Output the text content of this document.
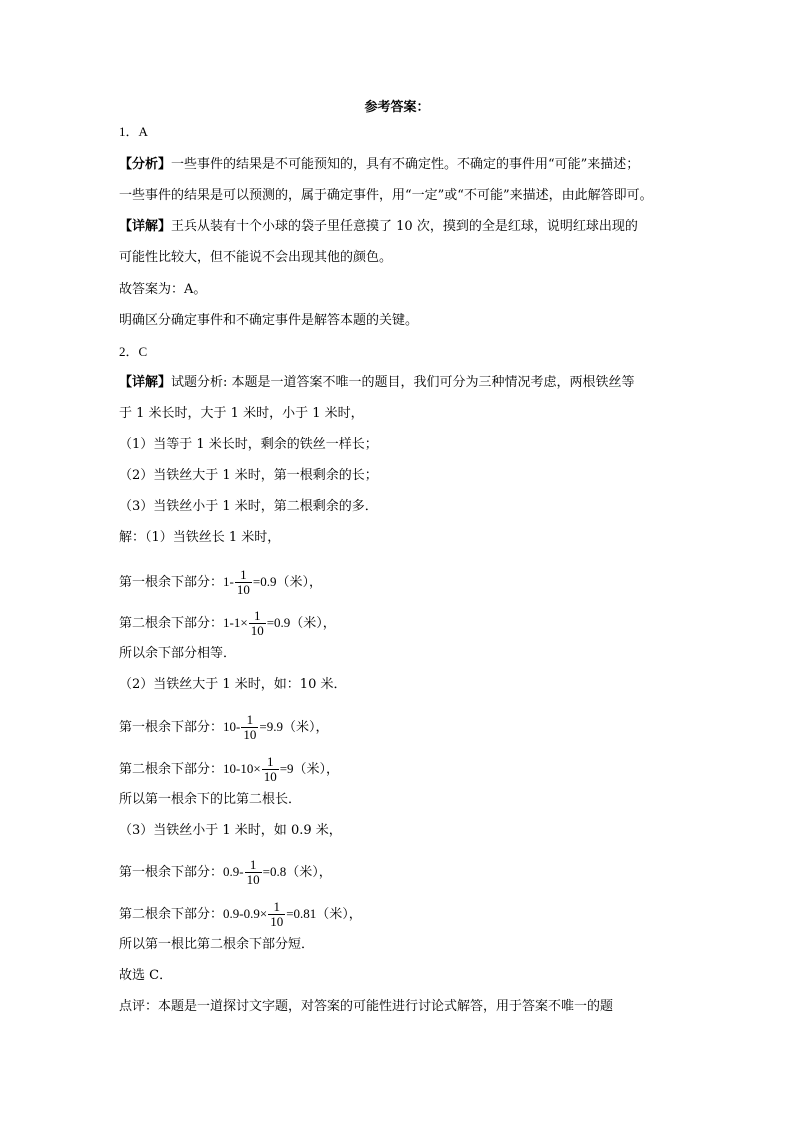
参考答案：
1．A
【分析】一些事件的结果是不可能预知的，具有不确定性。不确定的事件用“可能”来描述；
一些事件的结果是可以预测的，属于确定事件，用“一定”或“不可能”来描述，由此解答即可。
【详解】王兵从装有十个小球的袋子里任意摸了 10 次，摸到的全是红球，说明红球出现的
可能性比较大，但不能说不会出现其他的颜色。
故答案为：A。
明确区分确定事件和不确定事件是解答本题的关键。
2．C
【详解】试题分析: 本题是一道答案不唯一的题目，我们可分为三种情况考虑，两根铁丝等
于 1 米长时，大于 1 米时，小于 1 米时，
（1）当等于 1 米长时，剩余的铁丝一样长；
（2）当铁丝大于 1 米时，第一根剩余的长；
（3）当铁丝小于 1 米时，第二根剩余的多．
解：（1）当铁丝长 1 米时，
第一根余下部分：$1- \frac{1}{10} =0.9$（米），
第二根余下部分：$1-1\times \frac{1}{10} =0.9$（米），
所以余下部分相等．
（2）当铁丝大于 1 米时，如：10 米．
第一根余下部分：$10- \frac{1}{10} =9.9$（米），
第二根余下部分：$10-10\times \frac{1}{10} =9$（米），
所以第一根余下的比第二根长．
（3）当铁丝小于 1 米时，如 0.9 米，
第一根余下部分：$0.9- \frac{1}{10} =0.8$（米），
第二根余下部分：$0.9-0.9\times \frac{1}{10} =0.81$（米），
所以第一根比第二根余下部分短．
故选 C．
点评：本题是一道探讨文字题，对答案的可能性进行讨论式解答，用于答案不唯一的题
